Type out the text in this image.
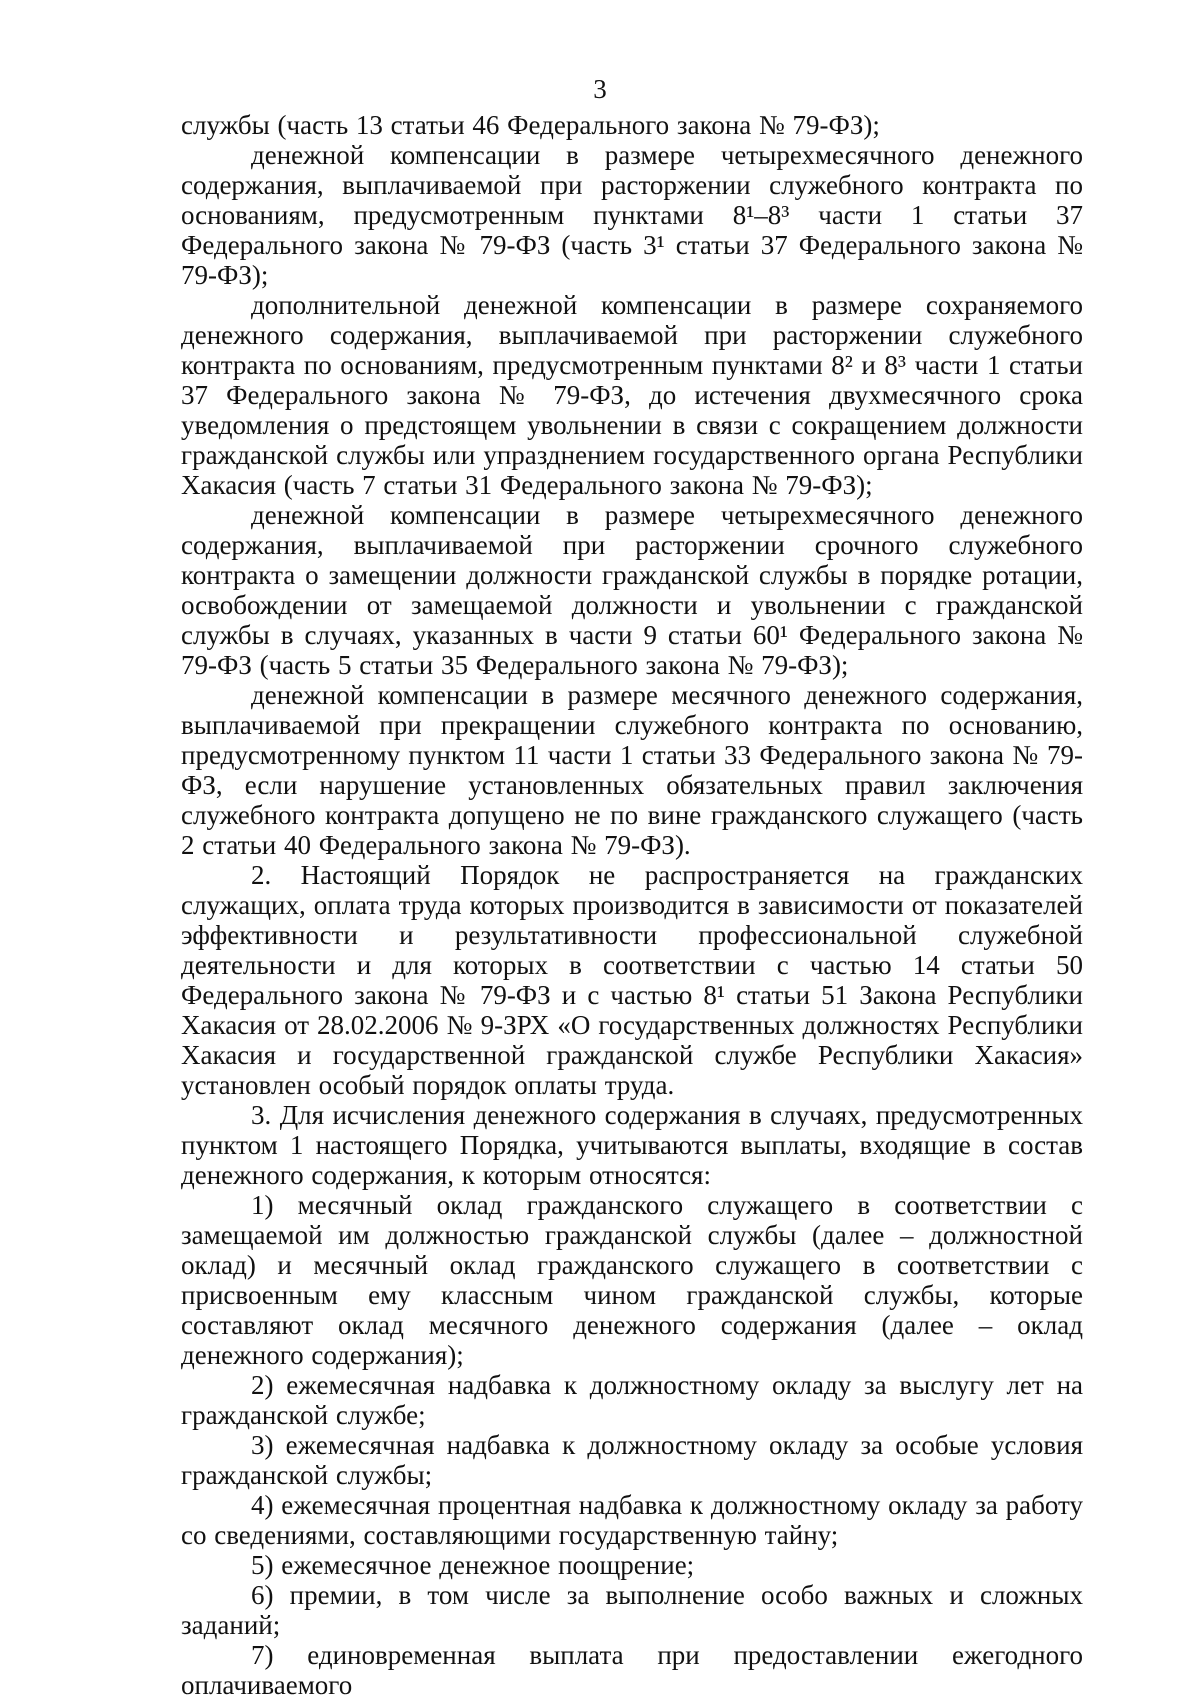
3

службы (часть 13 статьи 46 Федерального закона № 79-ФЗ);

денежной компенсации в размере четырехмесячного денежного содержания, выплачиваемой при расторжении служебного контракта по основаниям, предусмотренным пунктами 8¹–8³ части 1 статьи 37 Федерального закона № 79-ФЗ (часть 3¹ статьи 37 Федерального закона № 79-ФЗ);

дополнительной денежной компенсации в размере сохраняемого денежного содержания, выплачиваемой при расторжении служебного контракта по основаниям, предусмотренным пунктами 8² и 8³ части 1 статьи 37 Федерального закона № 79-ФЗ, до истечения двухмесячного срока уведомления о предстоящем увольнении в связи с сокращением должности гражданской службы или упразднением государственного органа Республики Хакасия (часть 7 статьи 31 Федерального закона № 79-ФЗ);

денежной компенсации в размере четырехмесячного денежного содержания, выплачиваемой при расторжении срочного служебного контракта о замещении должности гражданской службы в порядке ротации, освобождении от замещаемой должности и увольнении с гражданской службы в случаях, указанных в части 9 статьи 60¹ Федерального закона № 79-ФЗ (часть 5 статьи 35 Федерального закона № 79-ФЗ);

денежной компенсации в размере месячного денежного содержания, выплачиваемой при прекращении служебного контракта по основанию, предусмотренному пунктом 11 части 1 статьи 33 Федерального закона № 79-ФЗ, если нарушение установленных обязательных правил заключения служебного контракта допущено не по вине гражданского служащего (часть 2 статьи 40 Федерального закона № 79-ФЗ).

2. Настоящий Порядок не распространяется на гражданских служащих, оплата труда которых производится в зависимости от показателей эффективности и результативности профессиональной служебной деятельности и для которых в соответствии с частью 14 статьи 50 Федерального закона № 79-ФЗ и с частью 8¹ статьи 51 Закона Республики Хакасия от 28.02.2006 № 9-ЗРХ «О государственных должностях Республики Хакасия и государственной гражданской службе Республики Хакасия» установлен особый порядок оплаты труда.

3. Для исчисления денежного содержания в случаях, предусмотренных пунктом 1 настоящего Порядка, учитываются выплаты, входящие в состав денежного содержания, к которым относятся:

1) месячный оклад гражданского служащего в соответствии с замещаемой им должностью гражданской службы (далее – должностной оклад) и месячный оклад гражданского служащего в соответствии с присвоенным ему классным чином гражданской службы, которые составляют оклад месячного денежного содержания (далее – оклад денежного содержания);

2) ежемесячная надбавка к должностному окладу за выслугу лет на гражданской службе;

3) ежемесячная надбавка к должностному окладу за особые условия гражданской службы;

4) ежемесячная процентная надбавка к должностному окладу за работу со сведениями, составляющими государственную тайну;

5) ежемесячное денежное поощрение;

6) премии, в том числе за выполнение особо важных и сложных заданий;

7) единовременная выплата при предоставлении ежегодного оплачиваемого
